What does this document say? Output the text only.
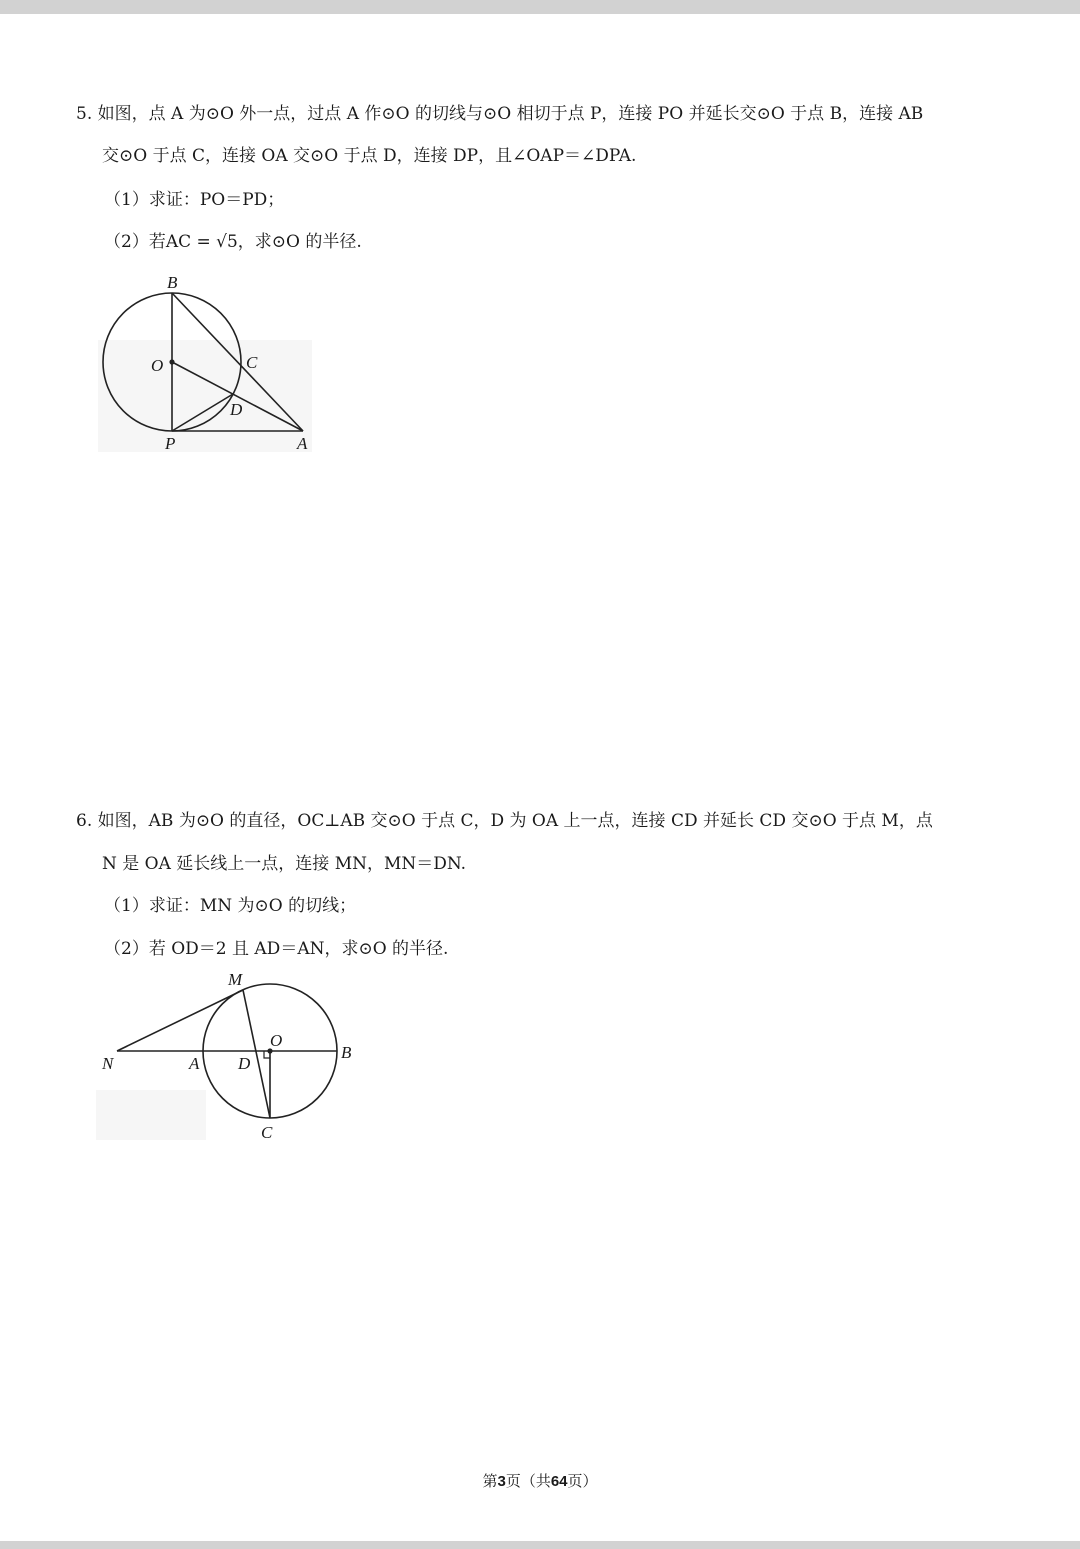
5. 如图，点 A 为⊙O 外一点，过点 A 作⊙O 的切线与⊙O 相切于点 P，连接 PO 并延长交⊙O 于点 B，连接 AB
交⊙O 于点 C，连接 OA 交⊙O 于点 D，连接 DP，且∠OAP＝∠DPA.
（1）求证：PO＝PD；
（2）若AC = √5，求⊙O 的半径.
B
O	C
D
P	A
6. 如图，AB 为⊙O 的直径，OC⊥AB 交⊙O 于点 C，D 为 OA 上一点，连接 CD 并延长 CD 交⊙O 于点 M，点
N 是 OA 延长线上一点，连接 MN，MN＝DN.
（1）求证：MN 为⊙O 的切线；
（2）若 OD＝2 且 AD＝AN，求⊙O 的半径.
M
O
N	A D
B
C
第3页（共64页）
